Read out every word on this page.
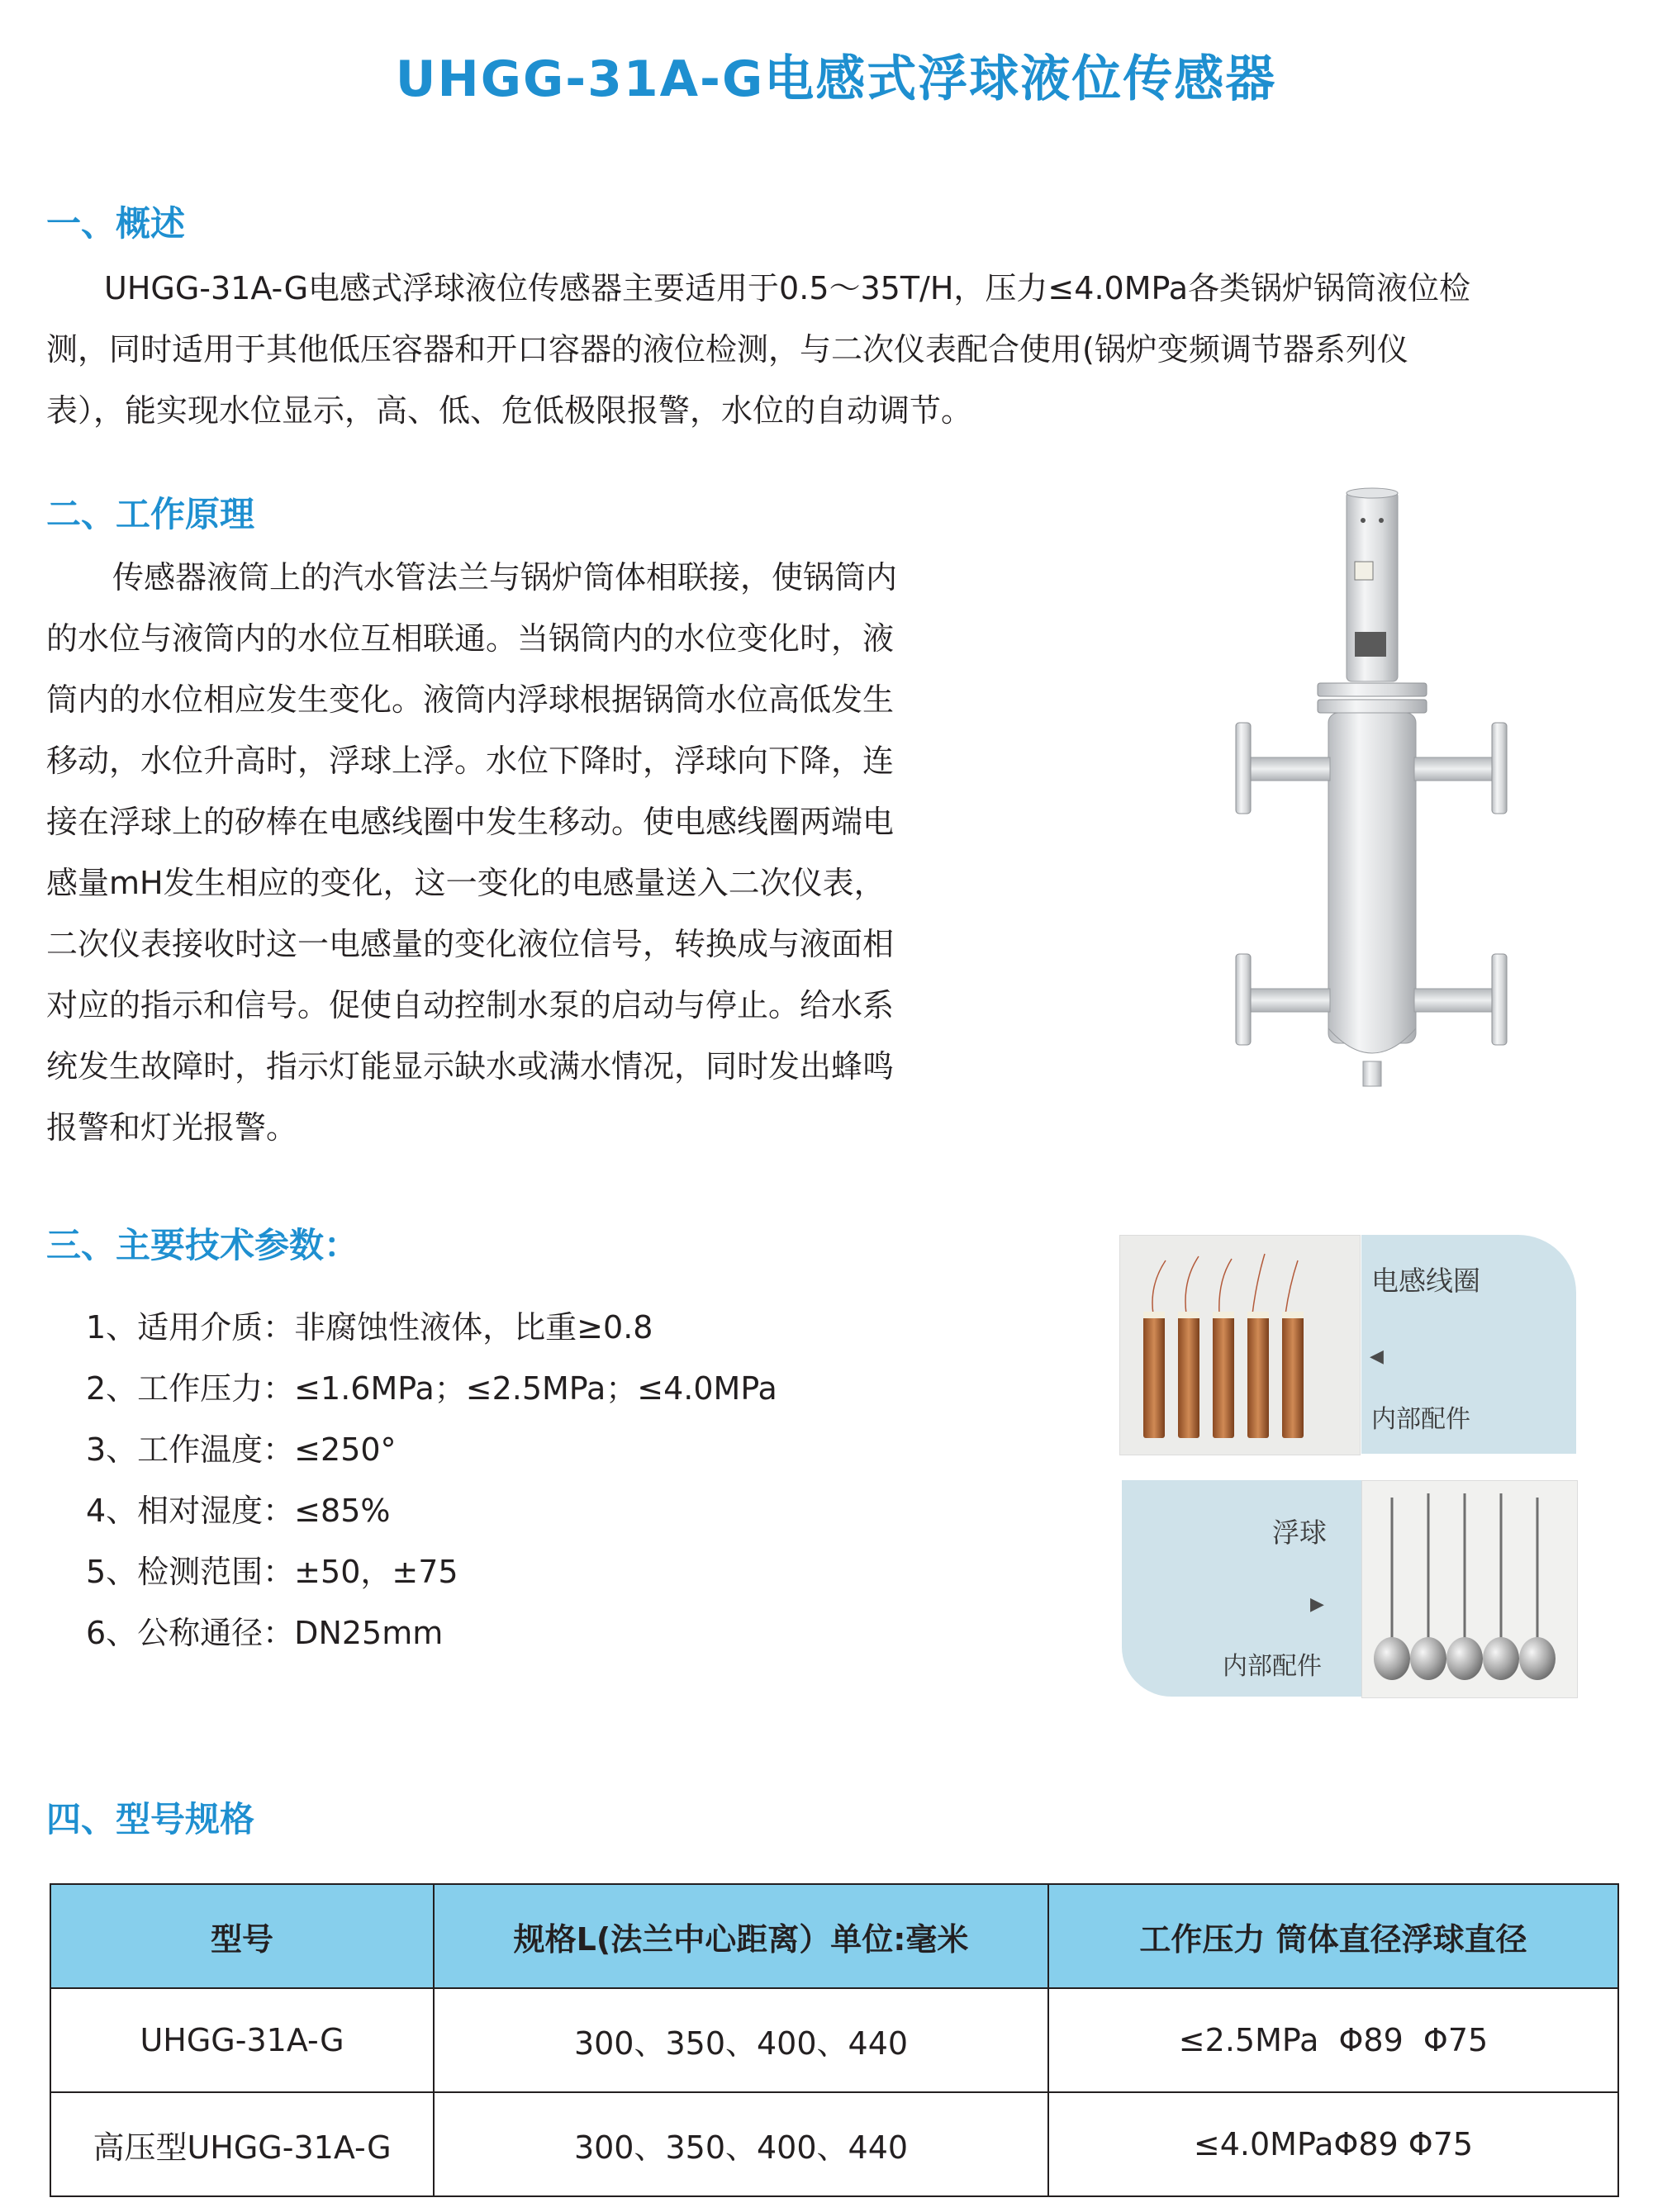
UHGG-31A-G电感式浮球液位传感器
一、概述
UHGG-31A-G电感式浮球液位传感器主要适用于0.5～35T/H，压力≤4.0MPa各类锅炉锅筒液位检
测，同时适用于其他低压容器和开口容器的液位检测，与二次仪表配合使用(锅炉变频调节器系列仪
表），能实现水位显示，高、低、危低极限报警，水位的自动调节。
二、工作原理
传感器液筒上的汽水管法兰与锅炉筒体相联接，使锅筒内
的水位与液筒内的水位互相联通。当锅筒内的水位变化时，液
筒内的水位相应发生变化。液筒内浮球根据锅筒水位高低发生
移动，水位升高时，浮球上浮。水位下降时，浮球向下降，连
接在浮球上的矽棒在电感线圈中发生移动。使电感线圈两端电
感量mH发生相应的变化，这一变化的电感量送入二次仪表，
二次仪表接收时这一电感量的变化液位信号，转换成与液面相
对应的指示和信号。促使自动控制水泵的启动与停止。给水系
统发生故障时，指示灯能显示缺水或满水情况，同时发出蜂鸣
报警和灯光报警。
三、主要技术参数：
1、适用介质：非腐蚀性液体，比重≥0.8
2、工作压力：≤1.6MPa；≤2.5MPa；≤4.0MPa
3、工作温度：≤250°
4、相对湿度：≤85%
5、检测范围：±50，±75
6、公称通径：DN25mm
电感线圈
◀
内部配件
浮球
▶
内部配件
四、型号规格
型号	规格L(法兰中心距离）单位:毫米	工作压力 筒体直径浮球直径
UHGG-31A-G	300、350、400、440	≤2.5MPa  Φ89  Φ75
高压型UHGG-31A-G	300、350、400、440	≤4.0MPaΦ89 Φ75
